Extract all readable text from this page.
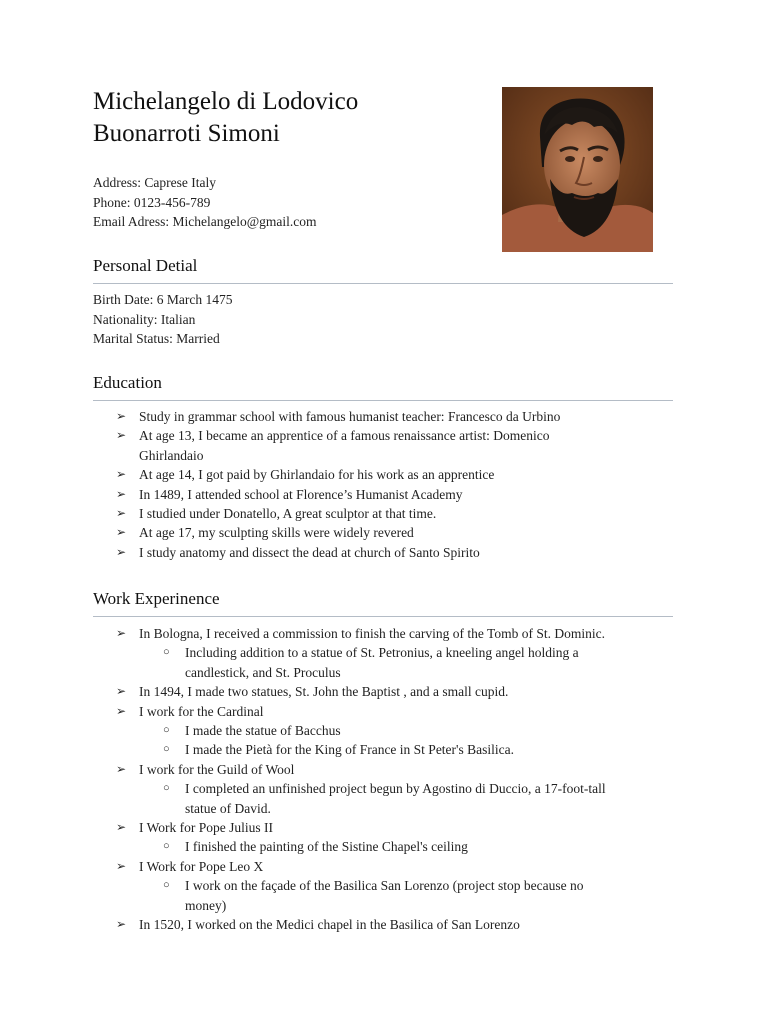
Michelangelo di Lodovico
Buonarroti Simoni
Address: Caprese Italy
Phone: 0123-456-789
Email Adress: Michelangelo@gmail.com
Personal Detial
Birth Date: 6 March 1475
Nationality: Italian
Marital Status: Married
Education
➢ Study in grammar school with famous humanist teacher: Francesco da Urbino
➢ At age 13, I became an apprentice of a famous renaissance artist: Domenico
Ghirlandaio
➢ At age 14, I got paid by Ghirlandaio for his work as an apprentice
➢ In 1489, I attended school at Florence’s Humanist Academy
➢ I studied under Donatello, A great sculptor at that time.
➢ At age 17, my sculpting skills were widely revered
➢ I study anatomy and dissect the dead at church of Santo Spirito
Work Experinence
➢ In Bologna, I received a commission to finish the carving of the Tomb of St. Dominic.
○ Including addition to a statue of St. Petronius, a kneeling angel holding a
candlestick, and St. Proculus
➢ In 1494, I made two statues, St. John the Baptist , and a small cupid.
➢ I work for the Cardinal
○ I made the statue of Bacchus
○ I made the Pietà for the King of France in St Peter's Basilica.
➢ I work for the Guild of Wool
○ I completed an unfinished project begun by Agostino di Duccio, a 17-foot-tall
statue of David.
➢ I Work for Pope Julius II
○ I finished the painting of the Sistine Chapel's ceiling
➢ I Work for Pope Leo X
○ I work on the façade of the Basilica San Lorenzo (project stop because no
money)
➢ In 1520, I worked on the Medici chapel in the Basilica of San Lorenzo
